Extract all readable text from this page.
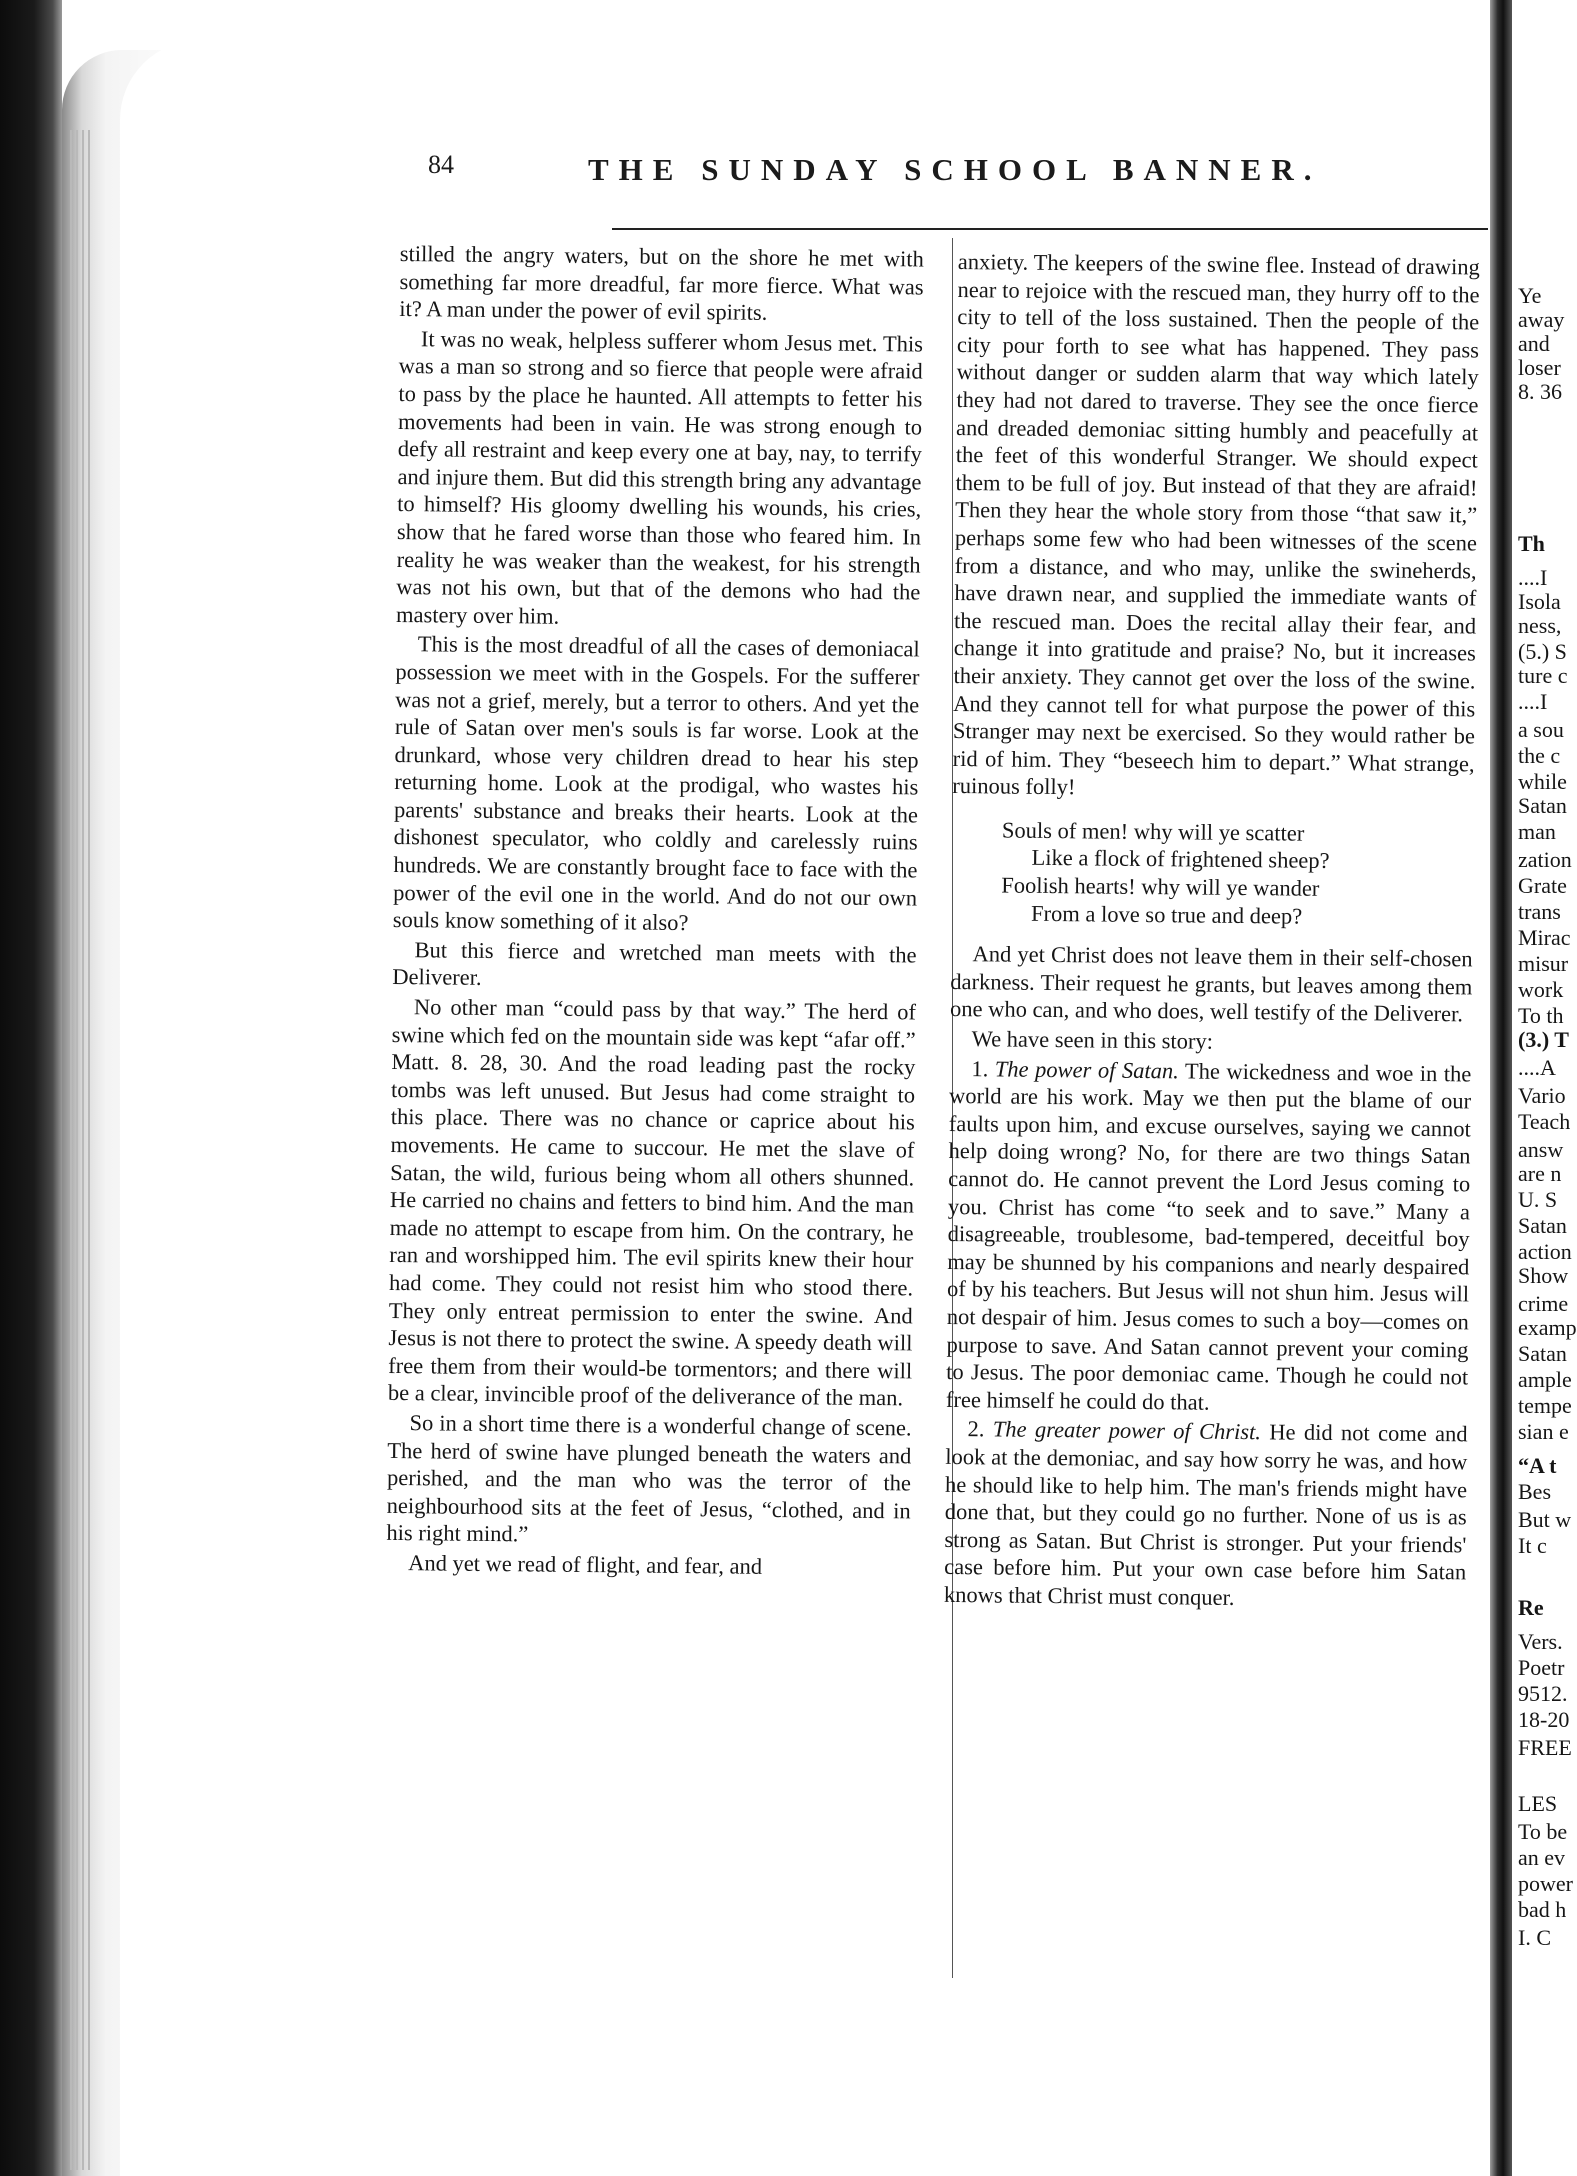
84	THE SUNDAY SCHOOL BANNER.

stilled the angry waters, but on the shore he met with something far more dreadful, far more fierce. What was it? A man under the power of evil spirits.

It was no weak, helpless sufferer whom Jesus met. This was a man so strong and so fierce that people were afraid to pass by the place he haunted. All attempts to fetter his movements had been in vain. He was strong enough to defy all restraint and keep every one at bay, nay, to terrify and injure them. But did this strength bring any advantage to himself? His gloomy dwelling his wounds, his cries, show that he fared worse than those who feared him. In reality he was weaker than the weakest, for his strength was not his own, but that of the demons who had the mastery over him.

This is the most dreadful of all the cases of demoniacal possession we meet with in the Gospels. For the sufferer was not a grief, merely, but a terror to others. And yet the rule of Satan over men's souls is far worse. Look at the drunkard, whose very children dread to hear his step returning home. Look at the prodigal, who wastes his parents' substance and breaks their hearts. Look at the dishonest speculator, who coldly and carelessly ruins hundreds. We are constantly brought face to face with the power of the evil one in the world. And do not our own souls know something of it also?

But this fierce and wretched man meets with the Deliverer.

No other man “could pass by that way.” The herd of swine which fed on the mountain side was kept “afar off.” Matt. 8. 28, 30. And the road leading past the rocky tombs was left unused. But Jesus had come straight to this place. There was no chance or caprice about his movements. He came to succour. He met the slave of Satan, the wild, furious being whom all others shunned. He carried no chains and fetters to bind him. And the man made no attempt to escape from him. On the contrary, he ran and worshipped him. The evil spirits knew their hour had come. They could not resist him who stood there. They only entreat permission to enter the swine. And Jesus is not there to protect the swine. A speedy death will free them from their would-be tormentors; and there will be a clear, invincible proof of the deliverance of the man.

So in a short time there is a wonderful change of scene. The herd of swine have plunged beneath the waters and perished, and the man who was the terror of the neighbourhood sits at the feet of Jesus, “clothed, and in his right mind.”

And yet we read of flight, and fear, and

anxiety. The keepers of the swine flee. Instead of drawing near to rejoice with the rescued man, they hurry off to the city to tell of the loss sustained. Then the people of the city pour forth to see what has happened. They pass without danger or sudden alarm that way which lately they had not dared to traverse. They see the once fierce and dreaded demoniac sitting humbly and peacefully at the feet of this wonderful Stranger. We should expect them to be full of joy. But instead of that they are afraid! Then they hear the whole story from those “that saw it,” perhaps some few who had been witnesses of the scene from a distance, and who may, unlike the swineherds, have drawn near, and supplied the immediate wants of the rescued man. Does the recital allay their fear, and change it into gratitude and praise? No, but it increases their anxiety. They cannot get over the loss of the swine. And they cannot tell for what purpose the power of this Stranger may next be exercised. So they would rather be rid of him. They “beseech him to depart.” What strange, ruinous folly!

Souls of men! why will ye scatter
Like a flock of frightened sheep?
Foolish hearts! why will ye wander
From a love so true and deep?

And yet Christ does not leave them in their self-chosen darkness. Their request he grants, but leaves among them one who can, and who does, well testify of the Deliverer.

We have seen in this story:

1. The power of Satan. The wickedness and woe in the world are his work. May we then put the blame of our faults upon him, and excuse ourselves, saying we cannot help doing wrong? No, for there are two things Satan cannot do. He cannot prevent the Lord Jesus coming to you. Christ has come “to seek and to save.” Many a disagreeable, troublesome, bad-tempered, deceitful boy may be shunned by his companions and nearly despaired of by his teachers. But Jesus will not shun him. Jesus will not despair of him. Jesus comes to such a boy—comes on purpose to save. And Satan cannot prevent your coming to Jesus. The poor demoniac came. Though he could not free himself he could do that.

2. The greater power of Christ. He did not come and look at the demoniac, and say how sorry he was, and how he should like to help him. The man's friends might have done that, but they could go no further. None of us is as strong as Satan. But Christ is stronger. Put your friends' case before him. Put your own case before him Satan knows that Christ must conquer.

Ye
away
and
loser
8. 36
Th
....I
Isola
ness,
(5.) S
ture c
....I
a sou
the c
while
Satan
man
zation
Grate
trans
Mirac
misur
work
To th
(3.) T
....A
Vario
Teach
answ
are n
U. S
Satan
action
Show
crime
examp
Satan
ample
tempe
sian e
“A t
Bes
But w
It c
Re
Vers.
Poetr
9512.
18-20
FREE
LES
To be
an ev
power
bad h
I. C
